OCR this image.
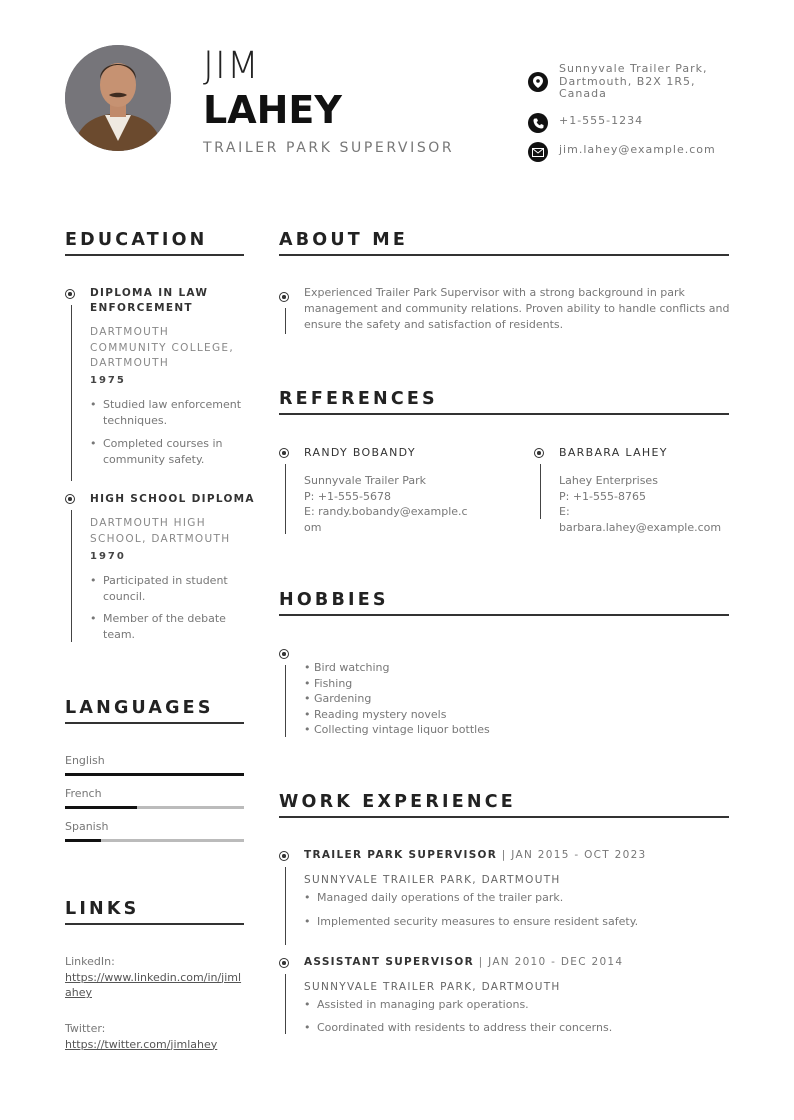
JIM
LAHEY
TRAILER PARK SUPERVISOR
Sunnyvale Trailer Park, Dartmouth, B2X 1R5, Canada
+1-555-1234
jim.lahey@example.com
EDUCATION
DIPLOMA IN LAW ENFORCEMENT
DARTMOUTH COMMUNITY COLLEGE, DARTMOUTH
1975
• Studied law enforcement techniques.
• Completed courses in community safety.
HIGH SCHOOL DIPLOMA
DARTMOUTH HIGH SCHOOL, DARTMOUTH
1970
• Participated in student council.
• Member of the debate team.
LANGUAGES
English
French
Spanish
LINKS
LinkedIn:
https://www.linkedin.com/in/jimlahey
Twitter:
https://twitter.com/jimlahey
ABOUT ME
Experienced Trailer Park Supervisor with a strong background in park management and community relations. Proven ability to handle conflicts and ensure the safety and satisfaction of residents.
REFERENCES
RANDY BOBANDY
Sunnyvale Trailer Park
P: +1-555-5678
E: randy.bobandy@example.com
BARBARA LAHEY
Lahey Enterprises
P: +1-555-8765
E: barbara.lahey@example.com
HOBBIES
• Bird watching
• Fishing
• Gardening
• Reading mystery novels
• Collecting vintage liquor bottles
WORK EXPERIENCE
TRAILER PARK SUPERVISOR | JAN 2015 - OCT 2023
SUNNYVALE TRAILER PARK, DARTMOUTH
• Managed daily operations of the trailer park.
• Implemented security measures to ensure resident safety.
ASSISTANT SUPERVISOR | JAN 2010 - DEC 2014
SUNNYVALE TRAILER PARK, DARTMOUTH
• Assisted in managing park operations.
• Coordinated with residents to address their concerns.
